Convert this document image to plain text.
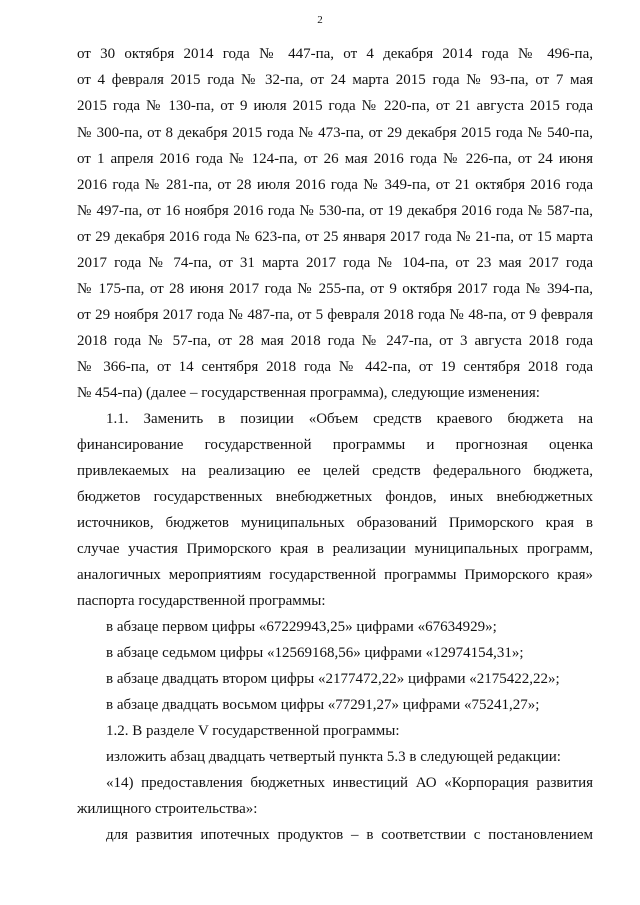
2
от 30 октября 2014 года № 447-па, от 4 декабря 2014 года № 496-па,
от 4 февраля 2015 года № 32-па, от 24 марта 2015 года № 93-па, от 7 мая
2015 года № 130-па, от 9 июля 2015 года № 220-па, от 21 августа 2015 года
№ 300-па, от 8 декабря 2015 года № 473-па, от 29 декабря 2015 года № 540-па,
от 1 апреля 2016 года № 124-па, от 26 мая 2016 года № 226-па, от 24 июня
2016 года № 281-па, от 28 июля 2016 года № 349-па, от 21 октября 2016 года
№ 497-па, от 16 ноября 2016 года № 530-па, от 19 декабря 2016 года № 587-па,
от 29 декабря 2016 года № 623-па, от 25 января 2017 года № 21-па, от 15 марта
2017 года № 74-па, от 31 марта 2017 года № 104-па, от 23 мая 2017 года
№ 175-па, от 28 июня 2017 года № 255-па, от 9 октября 2017 года № 394-па,
от 29 ноября 2017 года № 487-па, от 5 февраля 2018 года № 48-па, от 9 февраля
2018 года № 57-па, от 28 мая 2018 года № 247-па, от 3 августа 2018 года
№ 366-па, от 14 сентября 2018 года № 442-па, от 19 сентября 2018 года
№ 454-па) (далее – государственная программа), следующие изменения:
1.1. Заменить в позиции «Объем средств краевого бюджета на
финансирование государственной программы и прогнозная оценка
привлекаемых на реализацию ее целей средств федерального бюджета,
бюджетов государственных внебюджетных фондов, иных внебюджетных
источников, бюджетов муниципальных образований Приморского края в
случае участия Приморского края в реализации муниципальных программ,
аналогичных мероприятиям государственной программы Приморского края»
паспорта государственной программы:
в абзаце первом цифры «67229943,25» цифрами «67634929»;
в абзаце седьмом цифры «12569168,56» цифрами «12974154,31»;
в абзаце двадцать втором цифры «2177472,22» цифрами «2175422,22»;
в абзаце двадцать восьмом цифры «77291,27» цифрами «75241,27»;
1.2. В разделе V государственной программы:
изложить абзац двадцать четвертый пункта 5.3 в следующей редакции:
«14) предоставления бюджетных инвестиций АО «Корпорация развития
жилищного строительства»:
для развития ипотечных продуктов – в соответствии с постановлением
